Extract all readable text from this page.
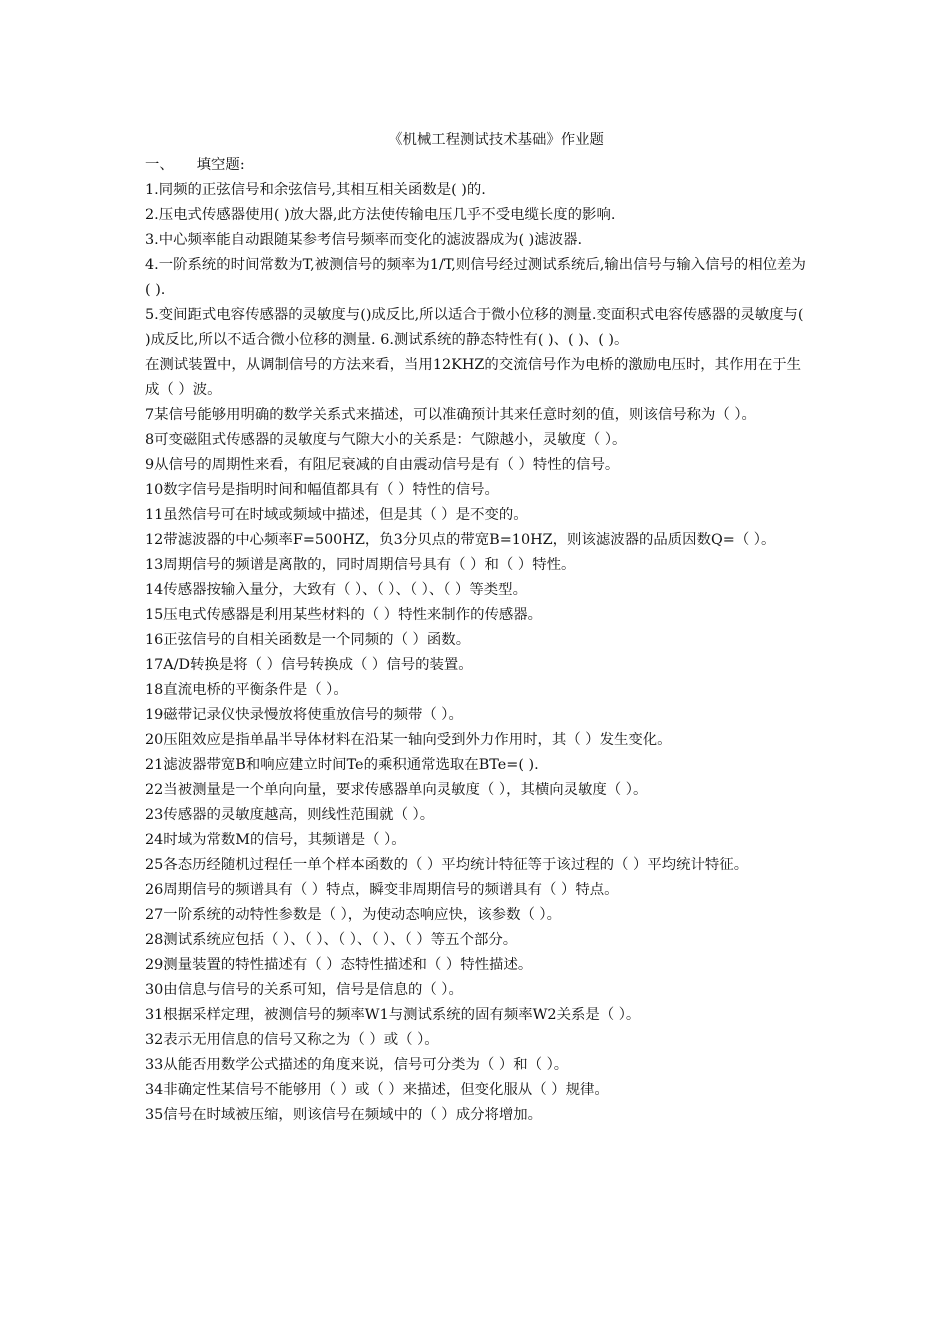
《机械工程测试技术基础》作业题

一、     填空题:

1.同频的正弦信号和余弦信号,其相互相关函数是( )的.

2.压电式传感器使用( )放大器,此方法使传输电压几乎不受电缆长度的影响.

3.中心频率能自动跟随某参考信号频率而变化的滤波器成为( )滤波器.

4.一阶系统的时间常数为T,被测信号的频率为1/T,则信号经过测试系统后,输出信号与输入信号的相位差为( ).

5.变间距式电容传感器的灵敏度与()成反比,所以适合于微小位移的测量.变面积式电容传感器的灵敏度与( )成反比,所以不适合微小位移的测量. 6.测试系统的静态特性有( )、( )、( )。

在测试装置中，从调制信号的方法来看，当用12KHZ的交流信号作为电桥的激励电压时，其作用在于生成（ ）波。

7某信号能够用明确的数学关系式来描述，可以准确预计其来任意时刻的值，则该信号称为（ ）。

8可变磁阻式传感器的灵敏度与气隙大小的关系是：气隙越小，灵敏度（ ）。

9从信号的周期性来看，有阻尼衰减的自由震动信号是有（ ）特性的信号。

10数字信号是指明时间和幅值都具有（ ）特性的信号。

11虽然信号可在时域或频域中描述，但是其（ ）是不变的。

12带滤波器的中心频率F=500HZ，负3分贝点的带宽B=10HZ，则该滤波器的品质因数Q=（ ）。

13周期信号的频谱是离散的，同时周期信号具有（ ）和（ ）特性。

14传感器按输入量分，大致有（ ）、（ ）、（ ）、（ ）等类型。

15压电式传感器是利用某些材料的（ ）特性来制作的传感器。

16正弦信号的自相关函数是一个同频的（ ）函数。

17A/D转换是将（ ）信号转换成（ ）信号的装置。

18直流电桥的平衡条件是（ ）。

19磁带记录仪快录慢放将使重放信号的频带（ ）。

20压阻效应是指单晶半导体材料在沿某一轴向受到外力作用时，其（ ）发生变化。

21滤波器带宽B和响应建立时间Te的乘积通常选取在BTe=( ).

22当被测量是一个单向向量，要求传感器单向灵敏度（ ），其横向灵敏度（ ）。

23传感器的灵敏度越高，则线性范围就（ ）。

24时域为常数M的信号，其频谱是（ ）。

25各态历经随机过程任一单个样本函数的（ ）平均统计特征等于该过程的（ ）平均统计特征。

26周期信号的频谱具有（ ）特点，瞬变非周期信号的频谱具有（ ）特点。

27一阶系统的动特性参数是（ ），为使动态响应快，该参数（ ）。

28测试系统应包括（ ）、（ ）、（ ）、（ ）、（ ）等五个部分。

29测量装置的特性描述有（ ）态特性描述和（ ）特性描述。

30由信息与信号的关系可知，信号是信息的（ ）。

31根据采样定理，被测信号的频率W1与测试系统的固有频率W2关系是（ ）。

32表示无用信息的信号又称之为（ ）或（ ）。

33从能否用数学公式描述的角度来说，信号可分类为（ ）和（ ）。

34非确定性某信号不能够用（ ）或（ ）来描述，但变化服从（ ）规律。

35信号在时域被压缩，则该信号在频域中的（ ）成分将增加。
